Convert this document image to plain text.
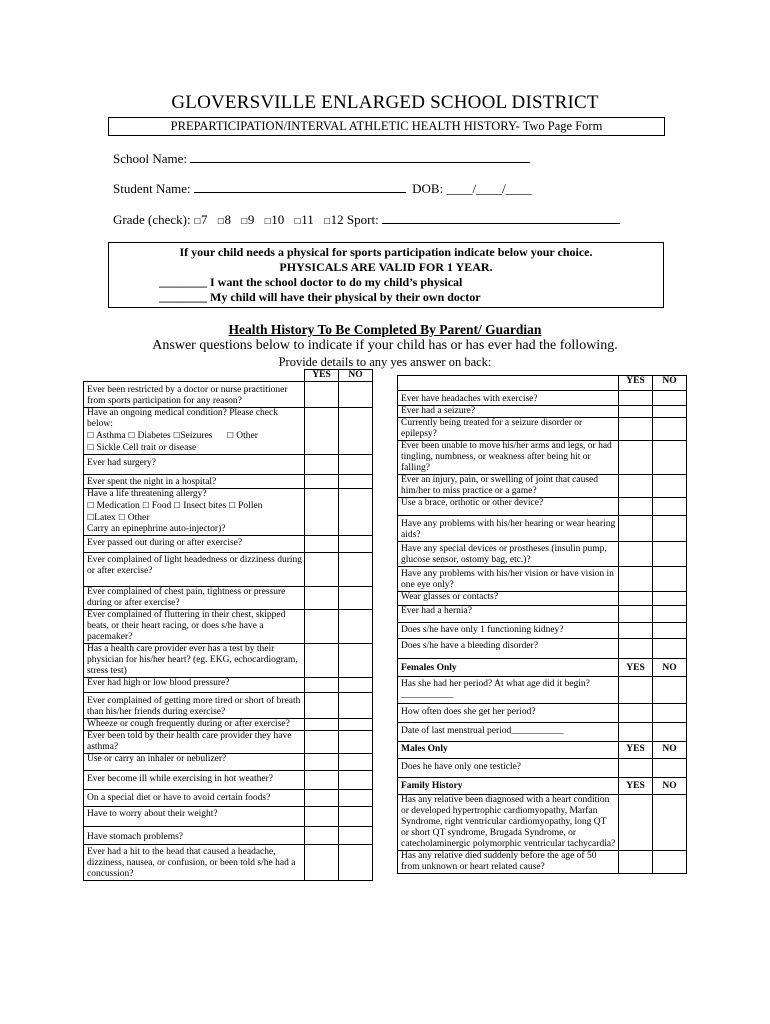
GLOVERSVILLE ENLARGED SCHOOL DISTRICT
PREPARTICIPATION/INTERVAL ATHLETIC HEALTH HISTORY- Two Page Form
School Name:
Student Name:	DOB: ____/____/____
Grade (check): ☐7 ☐8 ☐9 ☐10 ☐11 ☐12 Sport:
If your child needs a physical for sports participation indicate below your choice.
PHYSICALS ARE VALID FOR 1 YEAR.
________ I want the school doctor to do my child’s physical
________ My child will have their physical by their own doctor
Health History To Be Completed By Parent/ Guardian
Answer questions below to indicate if your child has or has ever had the following.
Provide details to any yes answer on back:
	YES	NO
Ever been restricted by a doctor or nurse practitioner from sports participation for any reason?		

Have an ongoing medical condition? Please check below:
☐ Asthma ☐ Diabetes ☐Seizures ☐ Other
☐ Sickle Cell trait or disease		

Ever had surgery?		
Ever spent the night in a hospital?		

Have a life threatening allergy?
☐ Medication ☐ Food ☐ Insect bites ☐ Pollen
☐Latex ☐ Other
Carry an epinephrine auto-injector)?		

Ever passed out during or after exercise?		
Ever complained of light headedness or dizziness during or after exercise?		
Ever complained of chest pain, tightness or pressure during or after exercise?		
Ever complained of fluttering in their chest, skipped beats, or their heart racing, or does s/he have a pacemaker?		
Has a health care provider ever has a test by their physician for his/her heart? (eg. EKG, echocardiogram, stress test)		
Ever had high or low blood pressure?		
Ever complained of getting more tired or short of breath than his/her friends during exercise?		
Wheeze or cough frequently during or after exercise?		
Ever been told by their health care provider they have asthma?		
Use or carry an inhaler or nebulizer?		
Ever become ill while exercising in hot weather?		
On a special diet or have to avoid certain foods?		
Have to worry about their weight?		
Have stomach problems?		
Ever had a hit to the head that caused a headache, dizziness, nausea, or confusion, or been told s/he had a concussion?		
	YES	NO
Ever have headaches with exercise?		
Ever had a seizure?		
Currently being treated for a seizure disorder or epilepsy?		
Ever been unable to move his/her arms and legs, or had tingling, numbness, or weakness after being hit or falling?		
Ever an injury, pain, or swelling of joint that caused him/her to miss practice or a game?		
Use a brace, orthotic or other device?		
Have any problems with his/her hearing or wear hearing aids?		
Have any special devices or prostheses (insulin pump, glucose sensor, ostomy bag, etc.)?		
Have any problems with his/her vision or have vision in one eye only?		
Wear glasses or contacts?		
Ever had a hernia?		
Does s/he have only 1 functioning kidney?		
Does s/he have a bleeding disorder?		
Females Only	YES	NO

Has she had her period? At what age did it begin?
___________		

How often does she get her period?		
Date of last menstrual period___________		
Males Only	YES	NO
Does he have only one testicle?		
Family History	YES	NO
Has any relative been diagnosed with a heart condition or developed hypertrophic cardiomyopathy, Marfan Syndrome, right ventricular cardiomyopathy, long QT or short QT syndrome, Brugada Syndrome, or catecholaminergic polymorphic ventricular tachycardia?		
Has any relative died suddenly before the age of 50 from unknown or heart related cause?		
